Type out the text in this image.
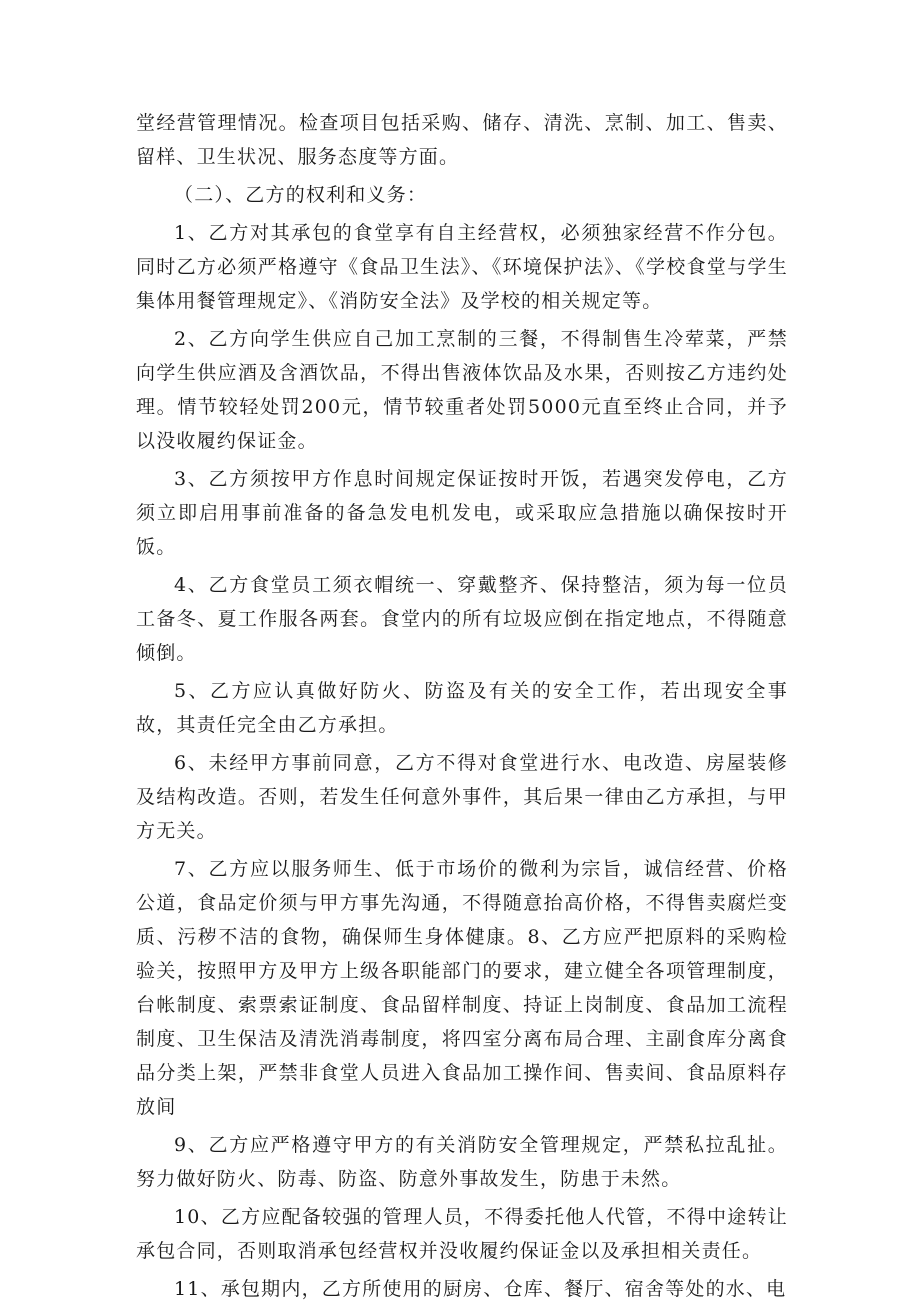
堂经营管理情况。检查项目包括采购、储存、清洗、烹制、加工、售卖、留样、卫生状况、服务态度等方面。

（二）、乙方的权利和义务：

1、乙方对其承包的食堂享有自主经营权，必须独家经营不作分包。同时乙方必须严格遵守《食品卫生法》、《环境保护法》、《学校食堂与学生集体用餐管理规定》、《消防安全法》及学校的相关规定等。

2、乙方向学生供应自己加工烹制的三餐，不得制售生冷荤菜，严禁向学生供应酒及含酒饮品，不得出售液体饮品及水果，否则按乙方违约处理。情节较轻处罚200元，情节较重者处罚5000元直至终止合同，并予以没收履约保证金。

3、乙方须按甲方作息时间规定保证按时开饭，若遇突发停电，乙方须立即启用事前准备的备急发电机发电，或采取应急措施以确保按时开饭。

4、乙方食堂员工须衣帽统一、穿戴整齐、保持整洁，须为每一位员工备冬、夏工作服各两套。食堂内的所有垃圾应倒在指定地点，不得随意倾倒。

5、乙方应认真做好防火、防盗及有关的安全工作，若出现安全事故，其责任完全由乙方承担。

6、未经甲方事前同意，乙方不得对食堂进行水、电改造、房屋装修及结构改造。否则，若发生任何意外事件，其后果一律由乙方承担，与甲方无关。

7、乙方应以服务师生、低于市场价的微利为宗旨，诚信经营、价格公道，食品定价须与甲方事先沟通，不得随意抬高价格，不得售卖腐烂变质、污秽不洁的食物，确保师生身体健康。8、乙方应严把原料的采购检验关，按照甲方及甲方上级各职能部门的要求，建立健全各项管理制度，台帐制度、索票索证制度、食品留样制度、持证上岗制度、食品加工流程制度、卫生保洁及清洗消毒制度，将四室分离布局合理、主副食库分离食品分类上架，严禁非食堂人员进入食品加工操作间、售卖间、食品原料存放间

9、乙方应严格遵守甲方的有关消防安全管理规定，严禁私拉乱扯。努力做好防火、防毒、防盗、防意外事故发生，防患于未然。

10、乙方应配备较强的管理人员，不得委托他人代管，不得中途转让承包合同，否则取消承包经营权并没收履约保证金以及承担相关责任。

11、承包期内，乙方所使用的厨房、仓库、餐厅、宿舍等处的水、电
